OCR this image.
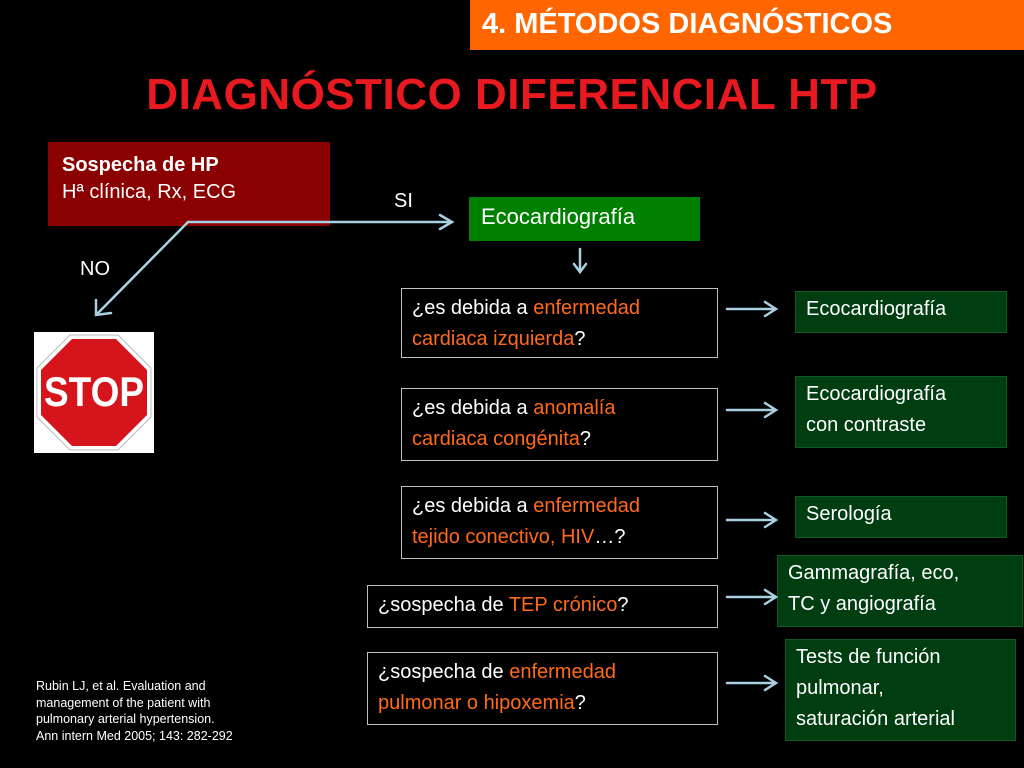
4. MÉTODOS DIAGNÓSTICOS
DIAGNÓSTICO DIFERENCIAL HTP
Sospecha de HP
Hª clínica, Rx, ECG	SI
NO
Ecocardiografía
STOP
¿es debida a enfermedad
cardiaca izquierda?
¿es debida a anomalía
cardiaca congénita?
¿es debida a enfermedad
tejido conectivo, HIV…?
¿sospecha de TEP crónico?
¿sospecha de enfermedad
pulmonar o hipoxemia?
Ecocardiografía
Ecocardiografía
con contraste
Serología
Gammagrafía, eco,
TC y angiografía
Tests de función
pulmonar,
saturación arterial
Rubin LJ, et al. Evaluation and
management of the patient with
pulmonary arterial hypertension.
Ann intern Med 2005; 143: 282-292
